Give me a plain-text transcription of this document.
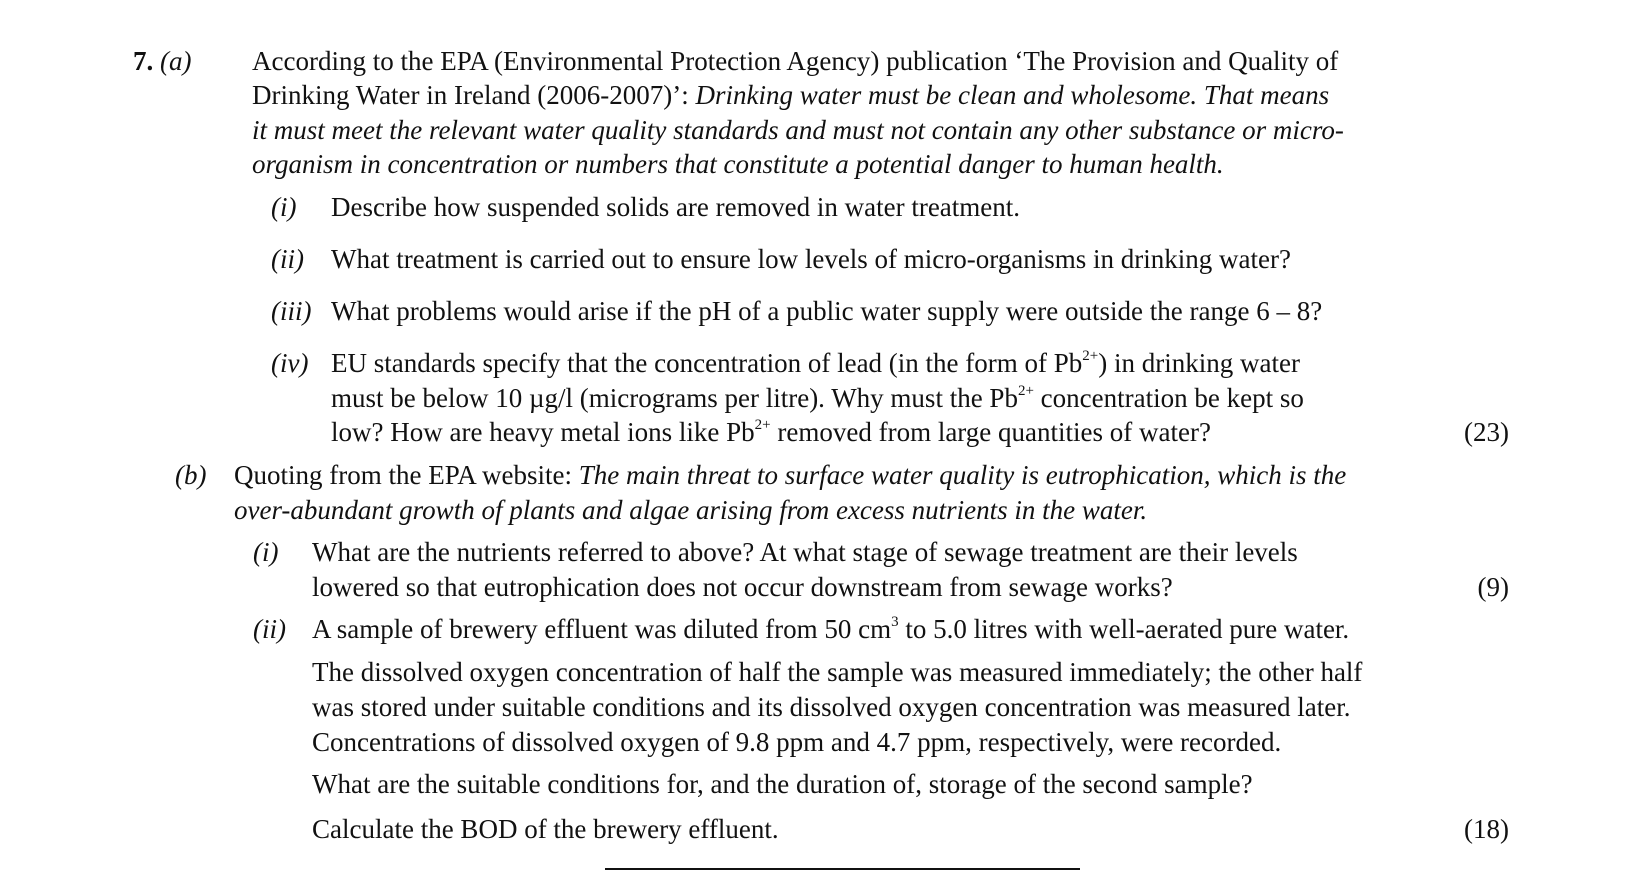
7. (a) According to the EPA (Environmental Protection Agency) publication ‘The Provision and Quality of
Drinking Water in Ireland (2006-2007)’: Drinking water must be clean and wholesome. That means
it must meet the relevant water quality standards and must not contain any other substance or micro-
organism in concentration or numbers that constitute a potential danger to human health.
(i) Describe how suspended solids are removed in water treatment.
(ii) What treatment is carried out to ensure low levels of micro-organisms in drinking water?
(iii) What problems would arise if the pH of a public water supply were outside the range 6 – 8?
(iv) EU standards specify that the concentration of lead (in the form of $Pb^{2+}$) in drinking water
must be below 10 µg/l (micrograms per litre). Why must the $Pb^{2+}$ concentration be kept so
low? How are heavy metal ions like $Pb^{2+}$ removed from large quantities of water?	(23)
(b) Quoting from the EPA website: The main threat to surface water quality is eutrophication, which is the
over-abundant growth of plants and algae arising from excess nutrients in the water.
(i) What are the nutrients referred to above? At what stage of sewage treatment are their levels
lowered so that eutrophication does not occur downstream from sewage works?	(9)
(ii) A sample of brewery effluent was diluted from 50 $cm^3$ to 5.0 litres with well-aerated pure water.
The dissolved oxygen concentration of half the sample was measured immediately; the other half
was stored under suitable conditions and its dissolved oxygen concentration was measured later.
Concentrations of dissolved oxygen of 9.8 ppm and 4.7 ppm, respectively, were recorded.
What are the suitable conditions for, and the duration of, storage of the second sample?
Calculate the BOD of the brewery effluent.	(18)
